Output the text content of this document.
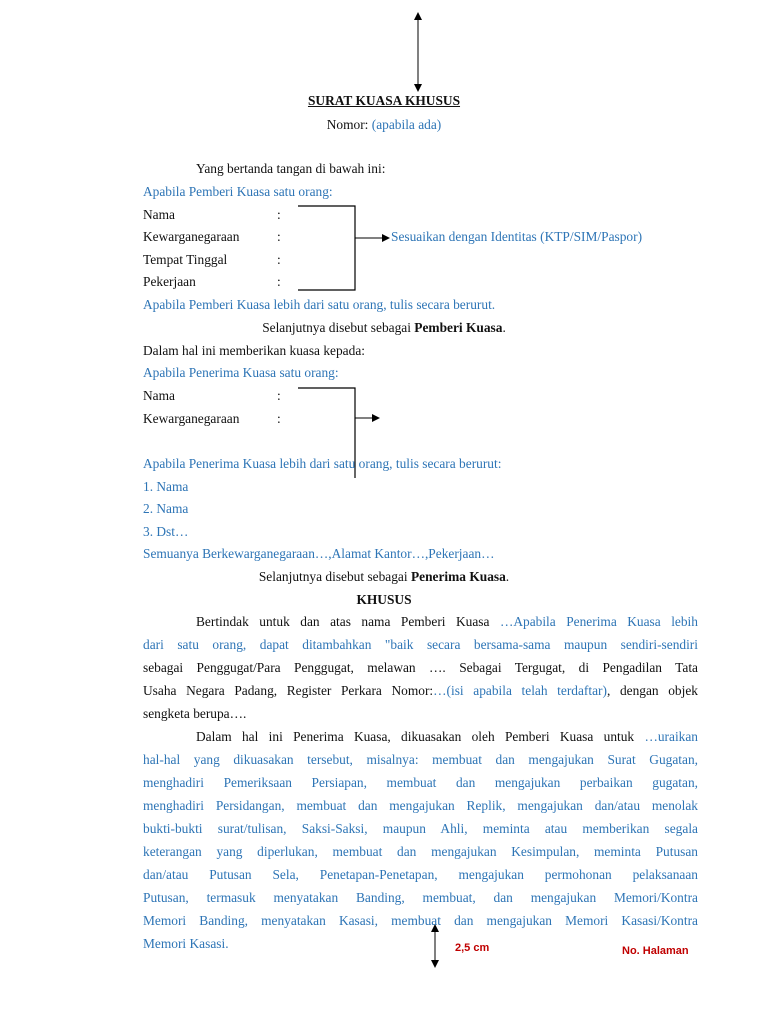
SURAT KUASA KHUSUS
Nomor: (apabila ada)
Yang bertanda tangan di bawah ini:
Apabila Pemberi Kuasa satu orang:
Nama	:
Kewarganegaraan	:
Tempat Tinggal	:
Pekerjaan	:
Sesuaikan dengan Identitas (KTP/SIM/Paspor)
Apabila Pemberi Kuasa lebih dari satu orang, tulis secara berurut.
Selanjutnya disebut sebagai Pemberi Kuasa.
Dalam hal ini memberikan kuasa kepada:
Apabila Penerima Kuasa satu orang:
Nama	:
Kewarganegaraan	:
Apabila Penerima Kuasa lebih dari satu orang, tulis secara berurut:
1. Nama
2. Nama
3. Dst…
Semuanya Berkewarganegaraan…,Alamat Kantor…,Pekerjaan…
Selanjutnya disebut sebagai Penerima Kuasa.
KHUSUS
Bertindak untuk dan atas nama Pemberi Kuasa …Apabila Penerima Kuasa lebih
dari satu orang, dapat ditambahkan "baik secara bersama-sama maupun sendiri-sendiri
sebagai Penggugat/Para Penggugat, melawan …. Sebagai Tergugat, di Pengadilan Tata
Usaha Negara Padang, Register Perkara Nomor:…(isi apabila telah terdaftar), dengan objek
sengketa berupa….
Dalam hal ini Penerima Kuasa, dikuasakan oleh Pemberi Kuasa untuk …uraikan
hal-hal yang dikuasakan tersebut, misalnya: membuat dan mengajukan Surat Gugatan,
menghadiri Pemeriksaan Persiapan, membuat dan mengajukan perbaikan gugatan,
menghadiri Persidangan, membuat dan mengajukan Replik, mengajukan dan/atau menolak
bukti-bukti surat/tulisan, Saksi-Saksi, maupun Ahli, meminta atau memberikan segala
keterangan yang diperlukan, membuat dan mengajukan Kesimpulan, meminta Putusan
dan/atau Putusan Sela, Penetapan-Penetapan, mengajukan permohonan pelaksanaan
Putusan, termasuk menyatakan Banding, membuat, dan mengajukan Memori/Kontra
Memori Banding, menyatakan Kasasi, membuat dan mengajukan Memori Kasasi/Kontra
Memori Kasasi.	2,5 cm	No. Halaman
